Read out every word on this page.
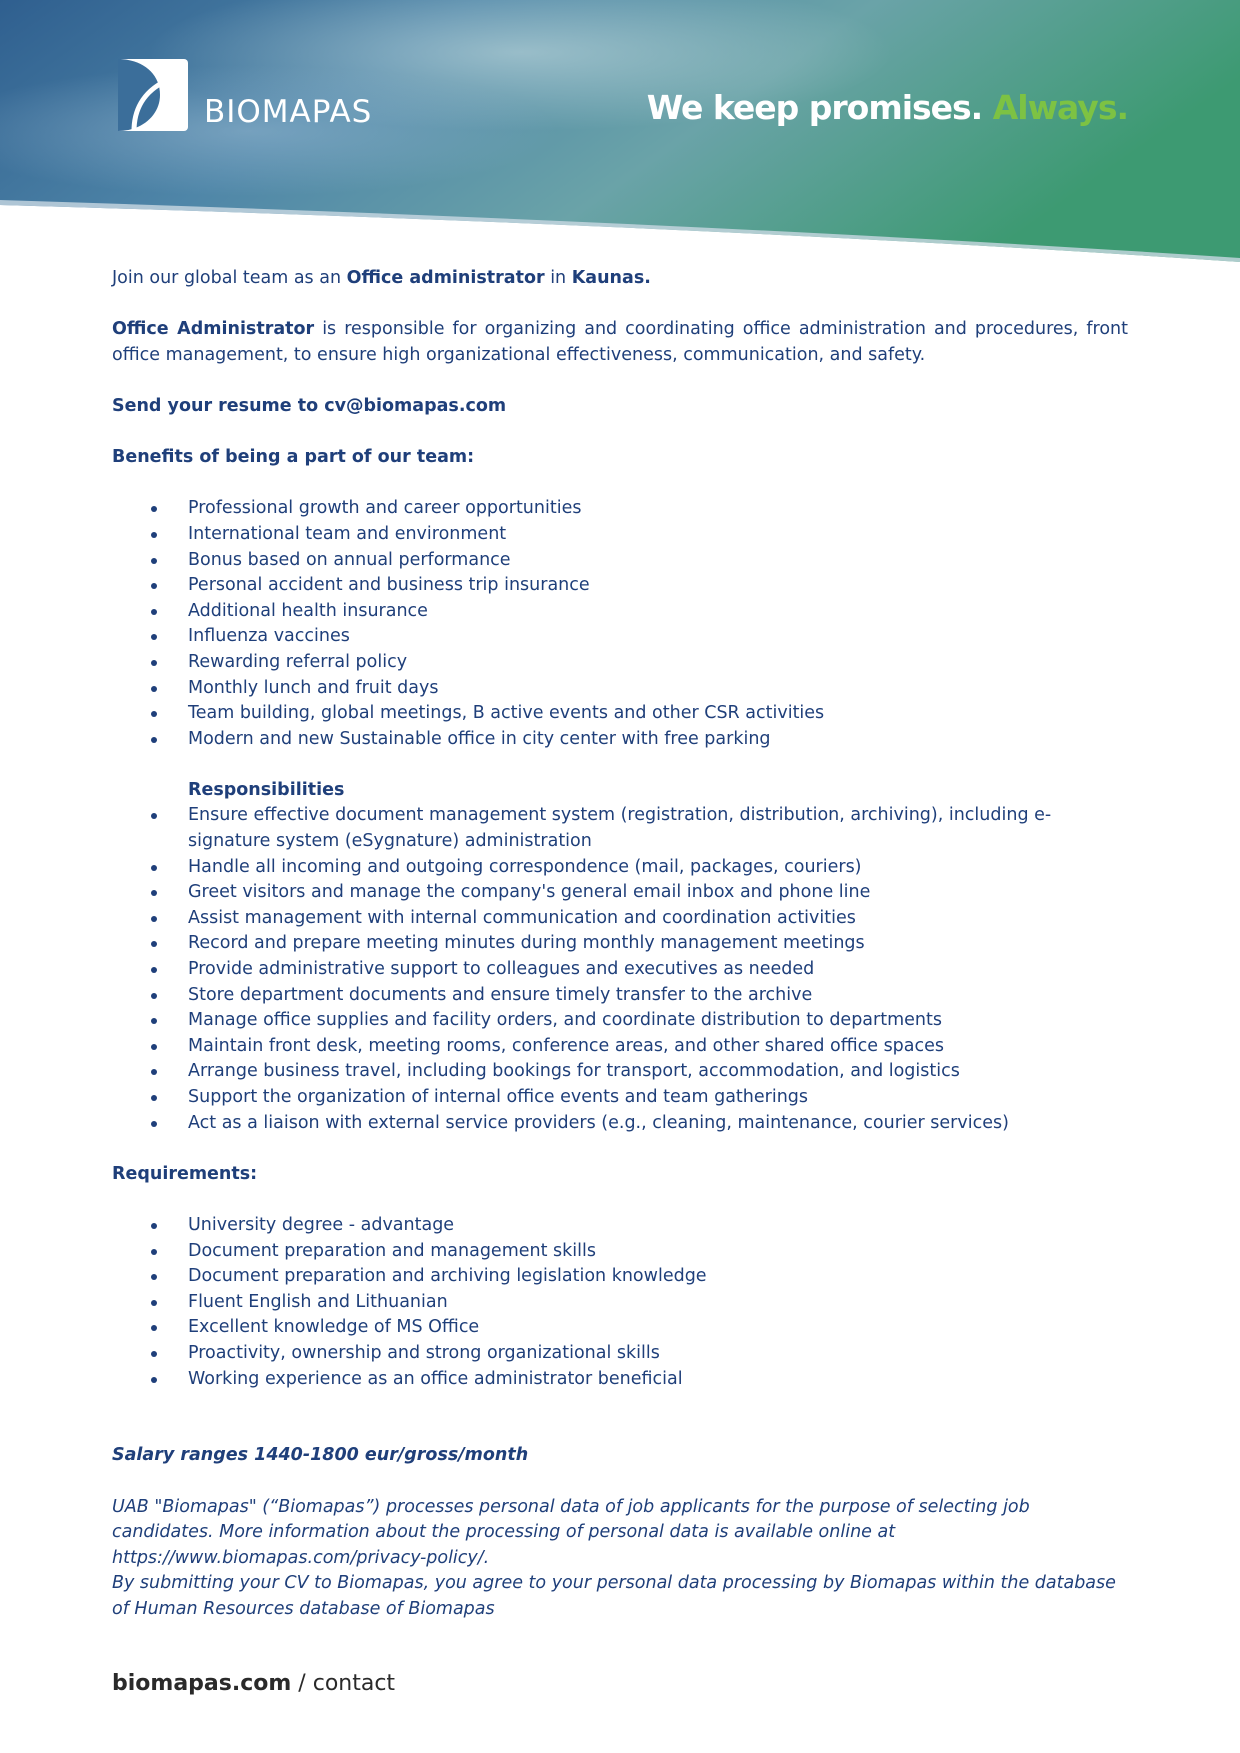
BIOMAPAS	We keep promises. Always.

Join our global team as an Office administrator in Kaunas.

Office Administrator is responsible for organizing and coordinating office administration and procedures, front office management, to ensure high organizational effectiveness, communication, and safety.

Send your resume to cv@biomapas.com

Benefits of being a part of our team:

Professional growth and career opportunities
International team and environment
Bonus based on annual performance
Personal accident and business trip insurance
Additional health insurance
Influenza vaccines
Rewarding referral policy
Monthly lunch and fruit days
Team building, global meetings, B active events and other CSR activities
Modern and new Sustainable office in city center with free parking

Responsibilities

Ensure effective document management system (registration, distribution, archiving), including e-signature system (eSygnature) administration
Handle all incoming and outgoing correspondence (mail, packages, couriers)
Greet visitors and manage the company's general email inbox and phone line
Assist management with internal communication and coordination activities
Record and prepare meeting minutes during monthly management meetings
Provide administrative support to colleagues and executives as needed
Store department documents and ensure timely transfer to the archive
Manage office supplies and facility orders, and coordinate distribution to departments
Maintain front desk, meeting rooms, conference areas, and other shared office spaces
Arrange business travel, including bookings for transport, accommodation, and logistics
Support the organization of internal office events and team gatherings
Act as a liaison with external service providers (e.g., cleaning, maintenance, courier services)

Requirements:

University degree - advantage
Document preparation and management skills
Document preparation and archiving legislation knowledge
Fluent English and Lithuanian
Excellent knowledge of MS Office
Proactivity, ownership and strong organizational skills
Working experience as an office administrator beneficial

Salary ranges 1440-1800 eur/gross/month

UAB "Biomapas" (“Biomapas”) processes personal data of job applicants for the purpose of selecting job candidates. More information about the processing of personal data is available online at https://www.biomapas.com/privacy-policy/.

By submitting your CV to Biomapas, you agree to your personal data processing by Biomapas within the database of Human Resources database of Biomapas

biomapas.com / contact
